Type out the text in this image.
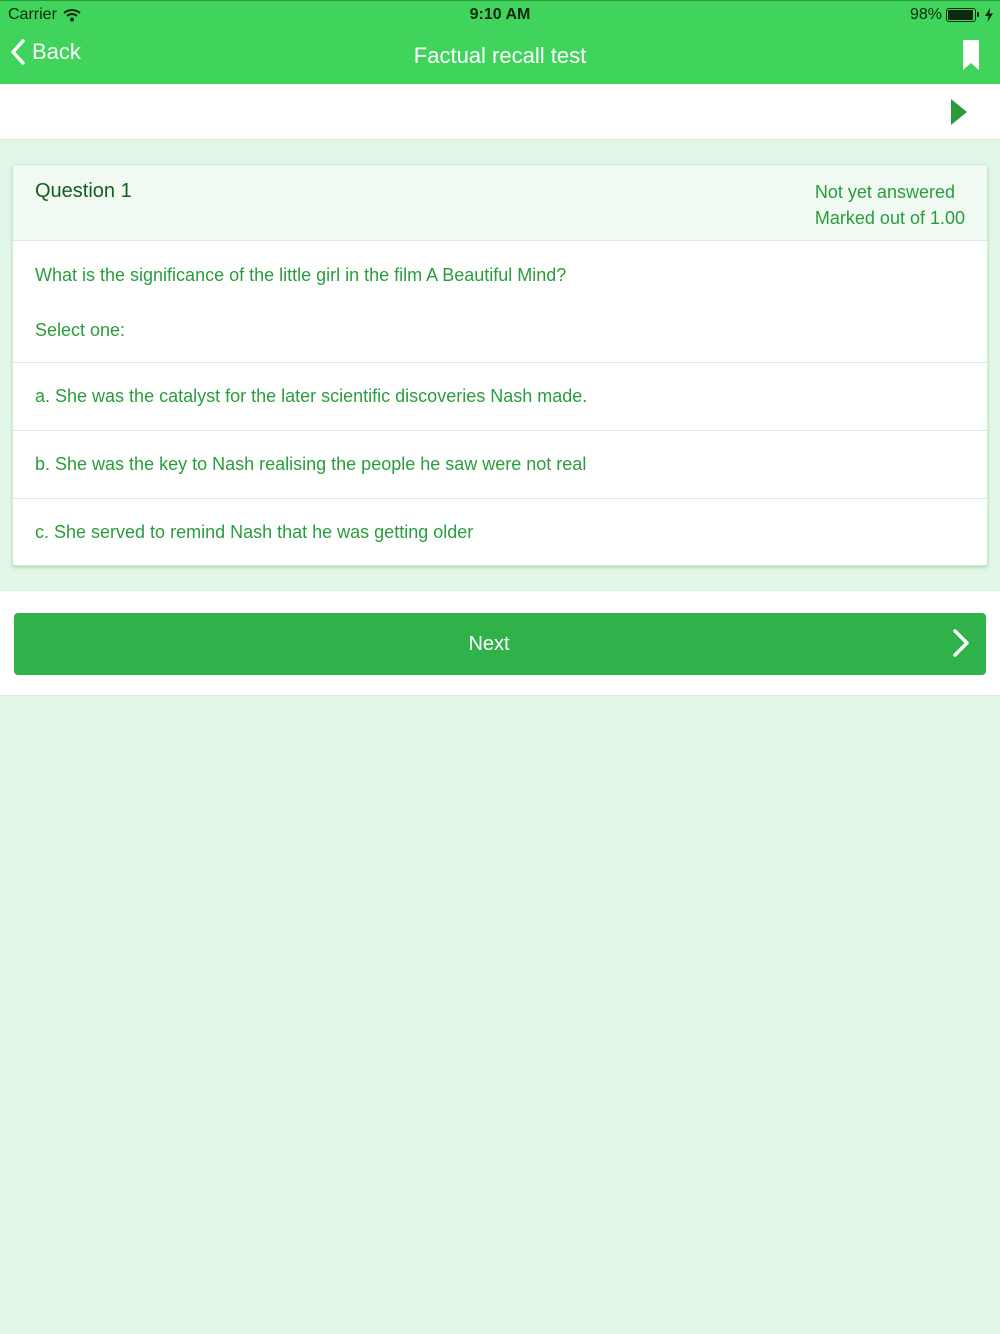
Carrier	9:10 AM	98%
Back	Factual recall test
Question 1	Not yet answered
Marked out of 1.00
What is the significance of the little girl in the film A Beautiful Mind?
Select one:
a. She was the catalyst for the later scientific discoveries Nash made.
b. She was the key to Nash realising the people he saw were not real
c. She served to remind Nash that he was getting older
Next
